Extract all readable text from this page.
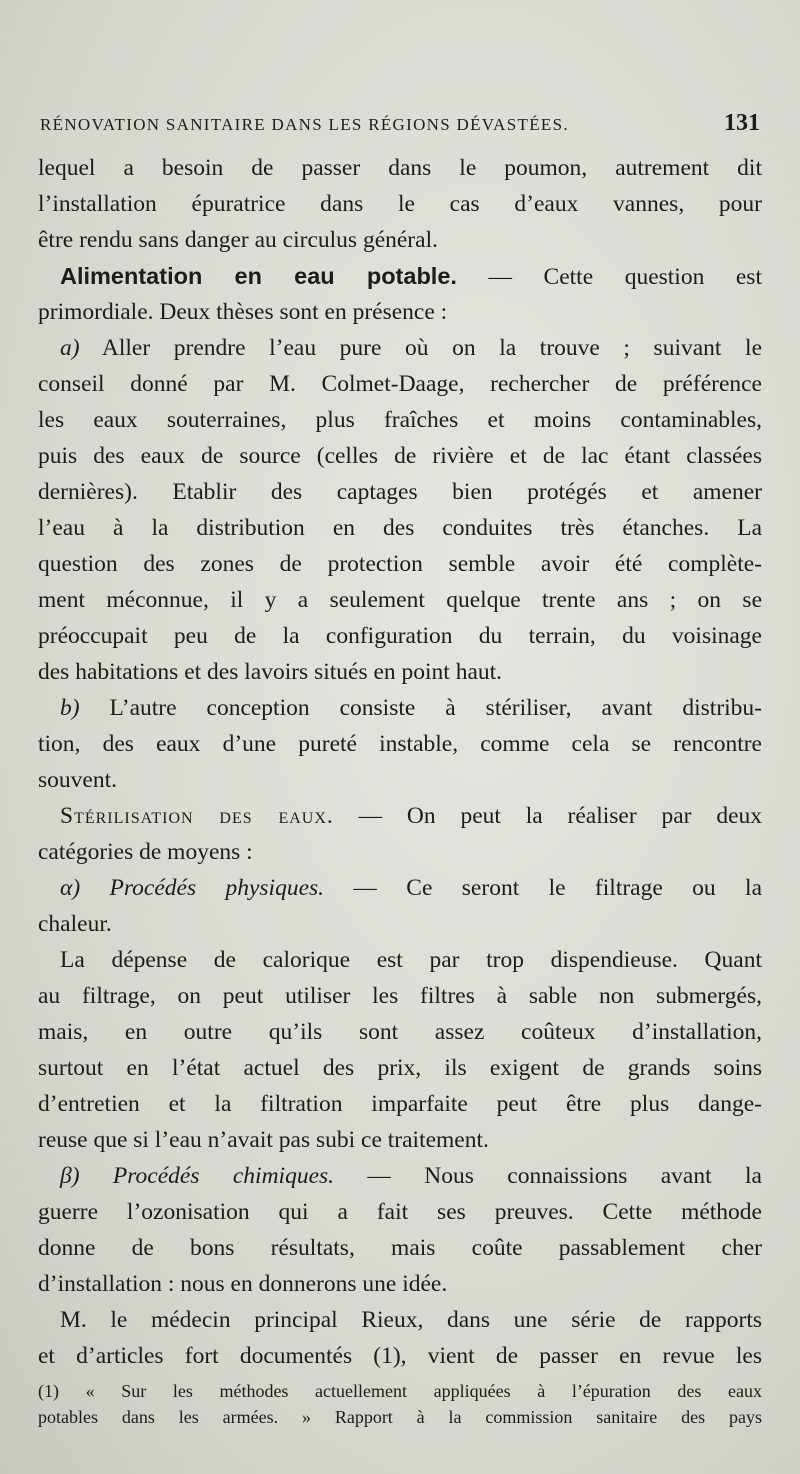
RÉNOVATION SANITAIRE DANS LES RÉGIONS DÉVASTÉES.	131
lequel a besoin de passer dans le poumon, autrement dit
l’installation épuratrice dans le cas d’eaux vannes, pour
être rendu sans danger au circulus général.
Alimentation en eau potable. — Cette question est
primordiale. Deux thèses sont en présence :
a) Aller prendre l’eau pure où on la trouve ; suivant le
conseil donné par M. Colmet-Daage, rechercher de préférence
les eaux souterraines, plus fraîches et moins contaminables,
puis des eaux de source (celles de rivière et de lac étant classées
dernières). Etablir des captages bien protégés et amener
l’eau à la distribution en des conduites très étanches. La
question des zones de protection semble avoir été complète-
ment méconnue, il y a seulement quelque trente ans ; on se
préoccupait peu de la configuration du terrain, du voisinage
des habitations et des lavoirs situés en point haut.
b) L’autre conception consiste à stériliser, avant distribu-
tion, des eaux d’une pureté instable, comme cela se rencontre
souvent.
Stérilisation des eaux. — On peut la réaliser par deux
catégories de moyens :
α) Procédés physiques. — Ce seront le filtrage ou la
chaleur.
La dépense de calorique est par trop dispendieuse. Quant
au filtrage, on peut utiliser les filtres à sable non submergés,
mais, en outre qu’ils sont assez coûteux d’installation,
surtout en l’état actuel des prix, ils exigent de grands soins
d’entretien et la filtration imparfaite peut être plus dange-
reuse que si l’eau n’avait pas subi ce traitement.
β) Procédés chimiques. — Nous connaissions avant la
guerre l’ozonisation qui a fait ses preuves. Cette méthode
donne de bons résultats, mais coûte passablement cher
d’installation : nous en donnerons une idée.
M. le médecin principal Rieux, dans une série de rapports
et d’articles fort documentés (1), vient de passer en revue les
(1) « Sur les méthodes actuellement appliquées à l’épuration des eaux
potables dans les armées. » Rapport à la commission sanitaire des pays
